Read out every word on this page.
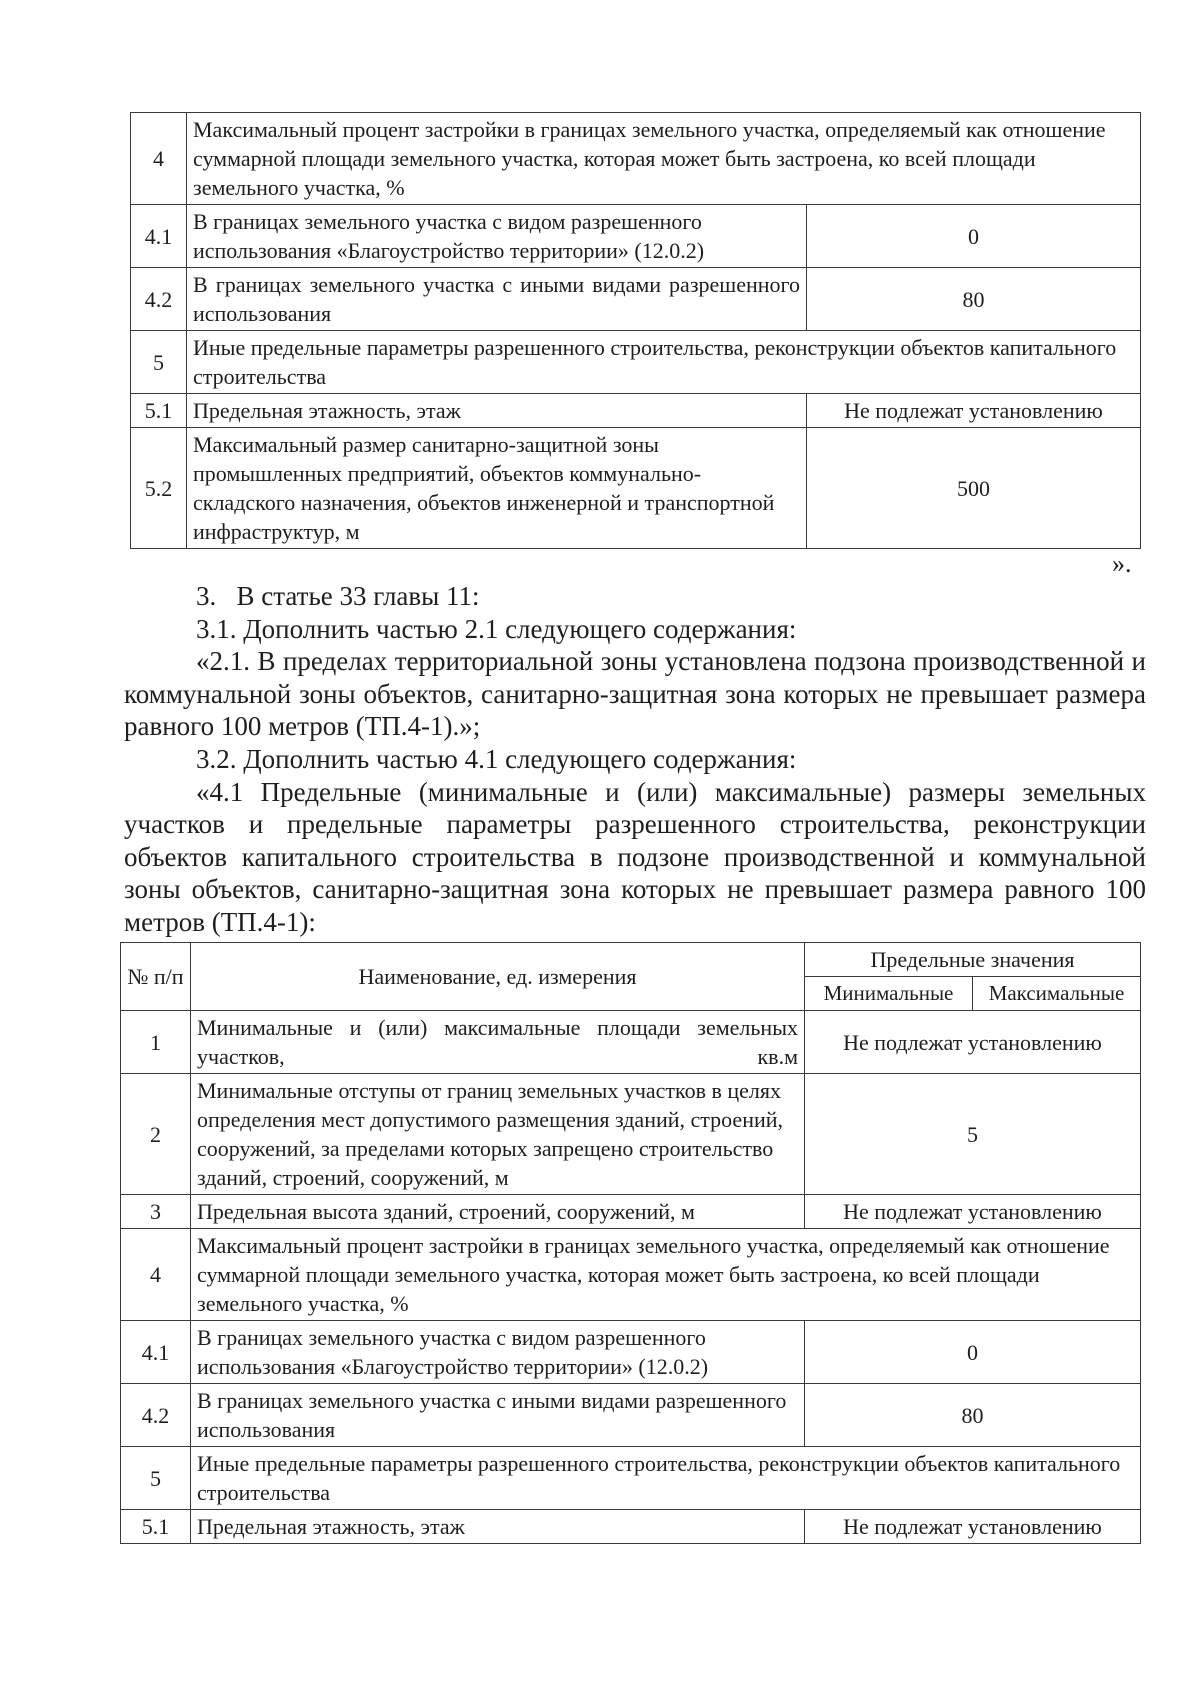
4	Максимальный процент застройки в границах земельного участка, определяемый как отношение суммарной площади земельного участка, которая может быть застроена, ко всей площади земельного участка, %	
4.1	В границах земельного участка с видом разрешенного использования «Благоустройство территории» (12.0.2)	0
4.2	В границах земельного участка с иными видами разрешенного использования	80
5	Иные предельные параметры разрешенного строительства, реконструкции объектов капитального строительства	
5.1	Предельная этажность, этаж	Не подлежат установлению
5.2	Максимальный размер санитарно-защитной зоны промышленных предприятий, объектов коммунально-складского назначения, объектов инженерной и транспортной инфраструктур, м	500
».
3.   В статье 33 главы 11:
3.1. Дополнить частью 2.1 следующего содержания:
«2.1. В пределах территориальной зоны установлена подзона производственной и коммунальной зоны объектов, санитарно-защитная зона которых не превышает размера равного 100 метров (ТП.4-1).»;
3.2. Дополнить частью 4.1 следующего содержания:
«4.1 Предельные (минимальные и (или) максимальные) размеры земельных участков и предельные параметры разрешенного строительства, реконструкции объектов капитального строительства в подзоне производственной и коммунальной зоны объектов, санитарно-защитная зона которых не превышает размера равного 100 метров (ТП.4-1):
№ п/п	Наименование, ед. измерения	Предельные значения	
		Минимальные	Максимальные
1	Минимальные и (или) максимальные площади земельных участков, кв.м	Не подлежат установлению	
2	Минимальные отступы от границ земельных участков в целях определения мест допустимого размещения зданий, строений, сооружений, за пределами которых запрещено строительство зданий, строений, сооружений, м	5	
3	Предельная высота зданий, строений, сооружений, м	Не подлежат установлению	
4	Максимальный процент застройки в границах земельного участка, определяемый как отношение суммарной площади земельного участка, которая может быть застроена, ко всей площади земельного участка, %		
4.1	В границах земельного участка с видом разрешенного использования «Благоустройство территории» (12.0.2)	0	
4.2	В границах земельного участка с иными видами разрешенного использования	80	
5	Иные предельные параметры разрешенного строительства, реконструкции объектов капитального строительства		
5.1	Предельная этажность, этаж	Не подлежат установлению	
